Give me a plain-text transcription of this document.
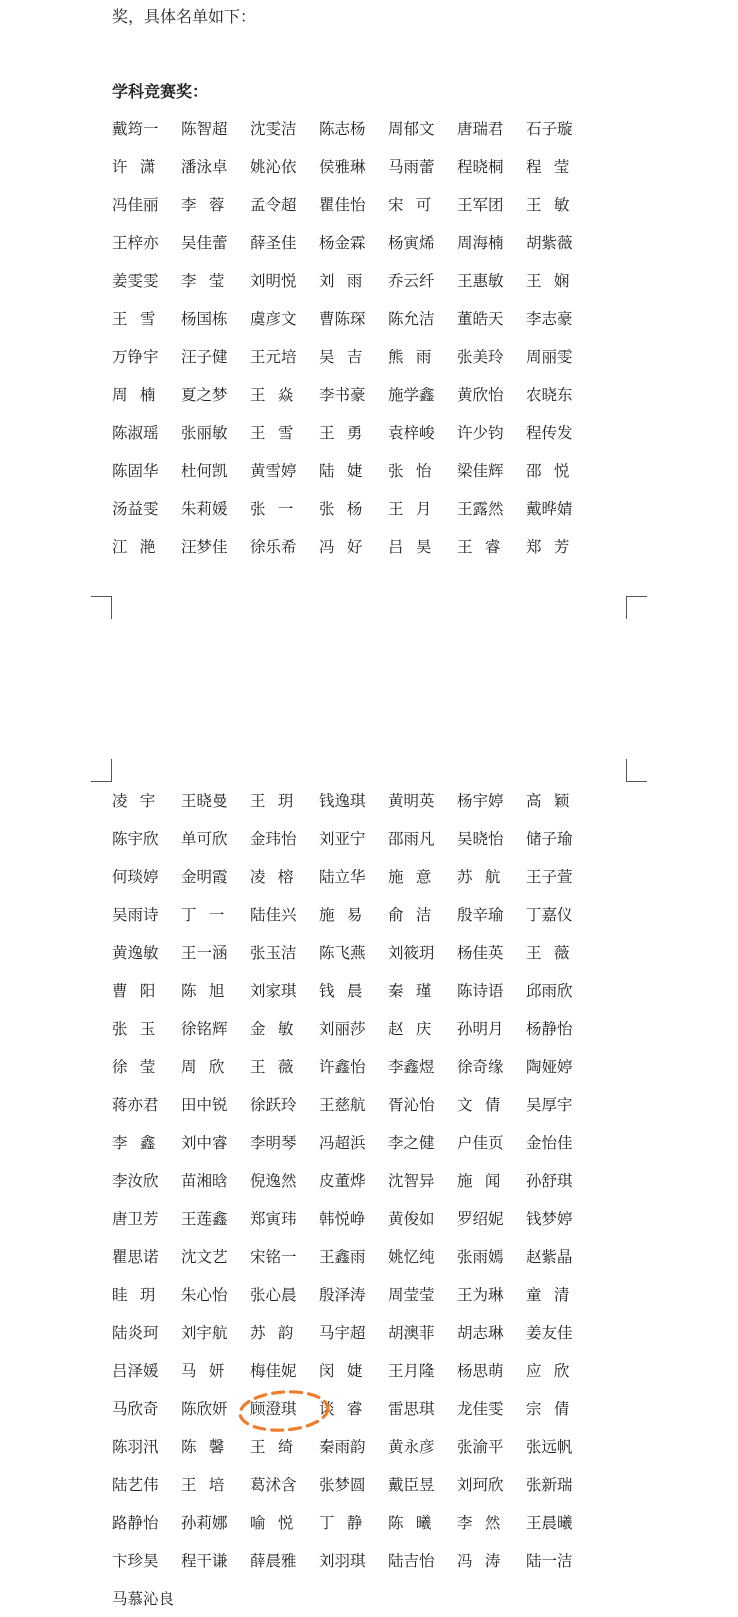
奖，具体名单如下：
学科竞赛奖：
戴筠一	陈智超	沈雯洁	陈志杨	周郁文	唐瑞君	石子璇
许潇 潘泳卓	姚沁依	侯雅琳	马雨蕾	程晓桐	程莹
冯佳丽	李蓉 孟令超	瞿佳怡	宋可 王军团	王敏
王梓亦	吴佳蕾	薛圣佳	杨金霖	杨寅烯	周海楠	胡紫薇
姜雯雯	李莹 刘明悦	刘雨 乔云纤	王惠敏	王娴
王雪 杨国栋	虞彦文	曹陈琛	陈允洁	董皓天	李志豪
万铮宇	汪子健	王元培	吴吉 熊雨 张美玲	周丽雯
周楠 夏之梦	王焱 李书豪	施学鑫	黄欣怡	农晓东
陈淑瑶	张丽敏	王雪 王勇 袁梓峻	许少钧	程传发
陈固华	杜何凯	黄雪婷	陆婕 张怡 梁佳辉	邵悦
汤益雯	朱莉媛	张一 张杨 王月 王露然	戴晔婧
江滟 汪梦佳	徐乐希	冯好 吕昊 王睿 郑芳
凌宇 王晓曼	王玥 钱逸琪	黄明英	杨宇婷	高颖
陈宇欣	单可欣	金玮怡	刘亚宁	邵雨凡	吴晓怡	储子瑜
何琰婷	金明霞	凌榕 陆立华	施意 苏航 王子萱
吴雨诗	丁一 陆佳兴	施易 俞洁 殷辛瑜	丁嘉仪
黄逸敏	王一涵	张玉洁	陈飞燕	刘筱玥	杨佳英	王薇
曹阳 陈旭 刘家琪	钱晨 秦瑾 陈诗语	邱雨欣
张玉 徐铭辉	金敏 刘丽莎	赵庆 孙明月	杨静怡
徐莹 周欣 王薇 许鑫怡	李鑫煜	徐奇缘	陶娅婷
蒋亦君	田中锐	徐跃玲	王慈航	胥沁怡	文倩 吴厚宇
李鑫 刘中睿	李明琴	冯超浜	李之健	户佳页	金怡佳
李汝欣	苗湘晗	倪逸然	皮董烨	沈智异	施闻 孙舒琪
唐卫芳	王莲鑫	郑寅玮	韩悦峥	黄俊如	罗绍妮	钱梦婷
瞿思诺	沈文艺	宋铭一	王鑫雨	姚忆纯	张雨嫣	赵紫晶
眭玥 朱心怡	张心晨	殷泽涛	周莹莹	王为琳	童清
陆炎珂	刘宇航	苏韵 马宇超	胡澳菲	胡志琳	姜友佳
吕泽媛	马妍 梅佳妮	闵婕 王月隆	杨思萌	应欣
马欣奇	陈欣妍	顾澄琪	谈睿 雷思琪	龙佳雯	宗倩
陈羽汛	陈馨 王绮 秦雨韵	黄永彦	张渝平	张远帆
陆艺伟	王培 葛沭含	张梦圆	戴臣昱	刘珂欣	张新瑞
路静怡	孙莉娜	喻悦 丁静 陈曦 李然 王晨曦
卞珍昊	程干谦	薛晨雅	刘羽琪	陆吉怡	冯涛 陆一洁
马慕沁良
